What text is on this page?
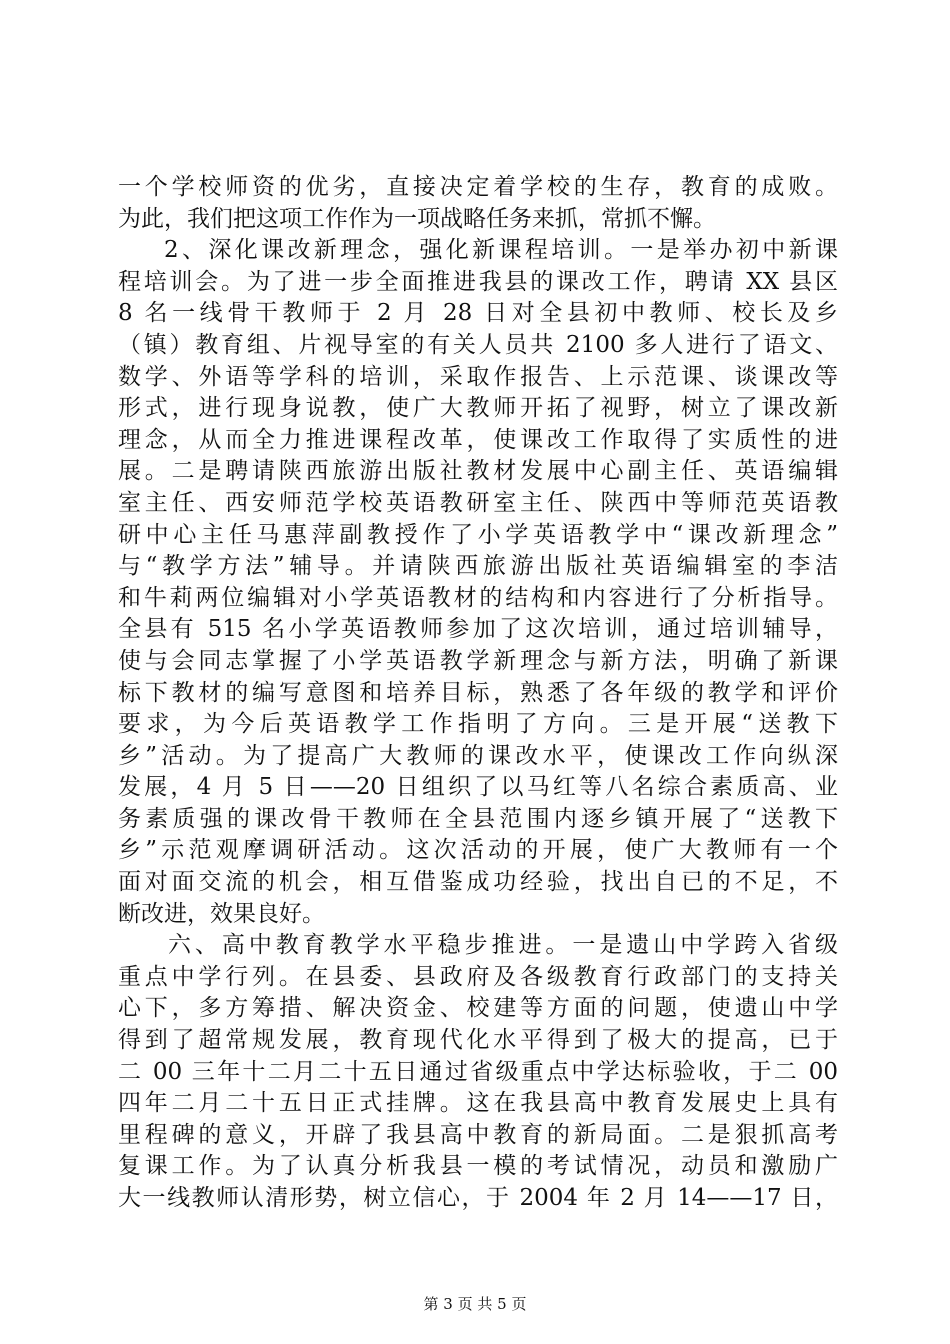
一个学校师资的优劣，直接决定着学校的生存，教育的成败。
为此，我们把这项工作作为一项战略任务来抓，常抓不懈。
2、深化课改新理念，强化新课程培训。一是举办初中新课
程培训会。为了进一步全面推进我县的课改工作，聘请 XX 县区
8 名一线骨干教师于 2 月 28 日对全县初中教师、校长及乡
（镇）教育组、片视导室的有关人员共 2100 多人进行了语文、
数学、外语等学科的培训，采取作报告、上示范课、谈课改等
形式，进行现身说教，使广大教师开拓了视野，树立了课改新
理念，从而全力推进课程改革，使课改工作取得了实质性的进
展。二是聘请陕西旅游出版社教材发展中心副主任、英语编辑
室主任、西安师范学校英语教研室主任、陕西中等师范英语教
研中心主任马惠萍副教授作了小学英语教学中“课改新理念”
与“教学方法”辅导。并请陕西旅游出版社英语编辑室的李洁
和牛莉两位编辑对小学英语教材的结构和内容进行了分析指导。
全县有 515 名小学英语教师参加了这次培训，通过培训辅导，
使与会同志掌握了小学英语教学新理念与新方法，明确了新课
标下教材的编写意图和培养目标，熟悉了各年级的教学和评价
要求，为今后英语教学工作指明了方向。三是开展“送教下
乡”活动。为了提高广大教师的课改水平，使课改工作向纵深
发展，4 月 5 日——20 日组织了以马红等八名综合素质高、业
务素质强的课改骨干教师在全县范围内逐乡镇开展了“送教下
乡”示范观摩调研活动。这次活动的开展，使广大教师有一个
面对面交流的机会，相互借鉴成功经验，找出自已的不足，不
断改进，效果良好。
六、高中教育教学水平稳步推进。一是遗山中学跨入省级
重点中学行列。在县委、县政府及各级教育行政部门的支持关
心下，多方筹措、解决资金、校建等方面的问题，使遗山中学
得到了超常规发展，教育现代化水平得到了极大的提高，已于
二 00 三年十二月二十五日通过省级重点中学达标验收，于二 00
四年二月二十五日正式挂牌。这在我县高中教育发展史上具有
里程碑的意义，开辟了我县高中教育的新局面。二是狠抓高考
复课工作。为了认真分析我县一模的考试情况，动员和激励广
大一线教师认清形势，树立信心，于 2004 年 2 月 14——17 日，
第 3 页 共 5 页
